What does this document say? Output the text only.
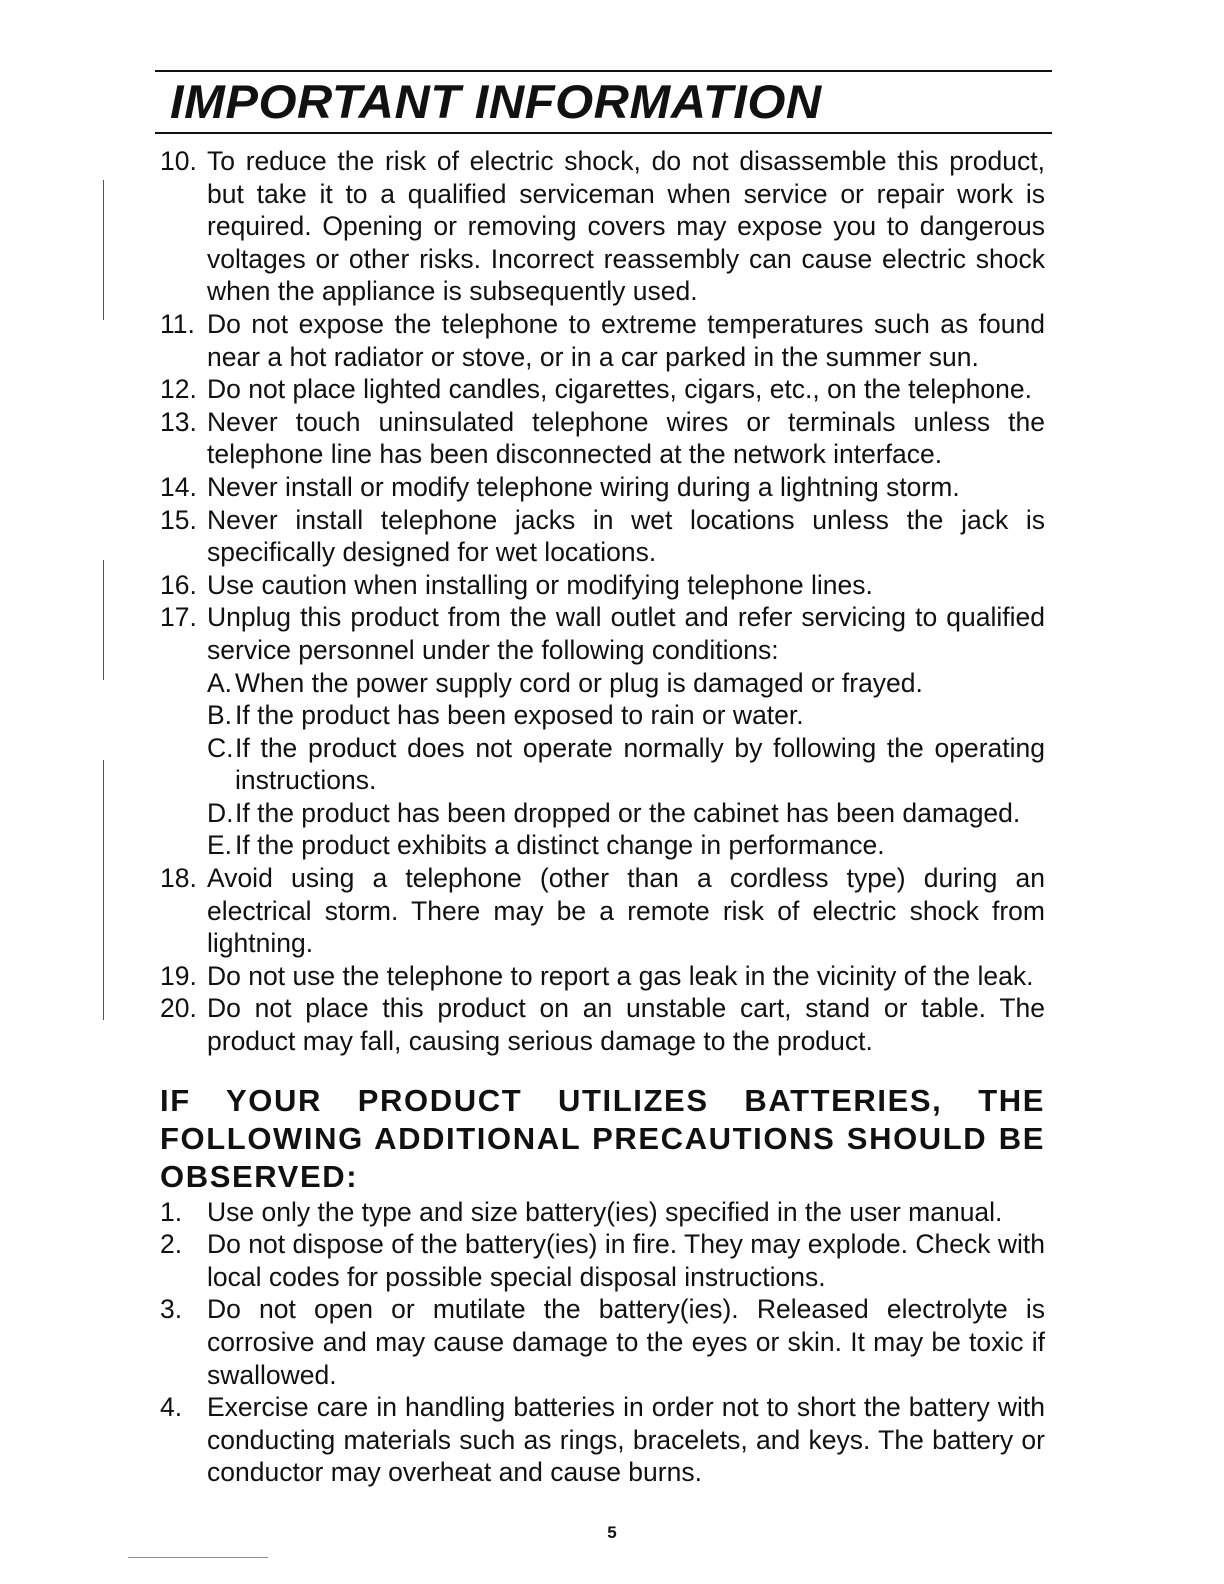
IMPORTANT INFORMATION
10. To reduce the risk of electric shock, do not disassemble this product, but take it to a qualified serviceman when service or repair work is required. Opening or removing covers may expose you to dangerous voltages or other risks. Incorrect reassembly can cause electric shock when the appliance is subsequently used.
11. Do not expose the telephone to extreme temperatures such as found near a hot radiator or stove, or in a car parked in the summer sun.
12. Do not place lighted candles, cigarettes, cigars, etc., on the telephone.
13. Never touch uninsulated telephone wires or terminals unless the telephone line has been disconnected at the network interface.
14. Never install or modify telephone wiring during a lightning storm.
15. Never install telephone jacks in wet locations unless the jack is specifically designed for wet locations.
16. Use caution when installing or modifying telephone lines.
17. Unplug this product from the wall outlet and refer servicing to qualified service personnel under the following conditions:
A. When the power supply cord or plug is damaged or frayed.
B. If the product has been exposed to rain or water.
C. If the product does not operate normally by following the operating instructions.
D. If the product has been dropped or the cabinet has been damaged.
E. If the product exhibits a distinct change in performance.
18. Avoid using a telephone (other than a cordless type) during an electrical storm. There may be a remote risk of electric shock from lightning.
19. Do not use the telephone to report a gas leak in the vicinity of the leak.
20. Do not place this product on an unstable cart, stand or table. The product may fall, causing serious damage to the product.
IF YOUR PRODUCT UTILIZES BATTERIES, THE FOLLOWING ADDITIONAL PRECAUTIONS SHOULD BE OBSERVED:
1. Use only the type and size battery(ies) specified in the user manual.
2. Do not dispose of the battery(ies) in fire. They may explode. Check with local codes for possible special disposal instructions.
3. Do not open or mutilate the battery(ies). Released electrolyte is corrosive and may cause damage to the eyes or skin. It may be toxic if swallowed.
4. Exercise care in handling batteries in order not to short the battery with conducting materials such as rings, bracelets, and keys. The battery or conductor may overheat and cause burns.
5
